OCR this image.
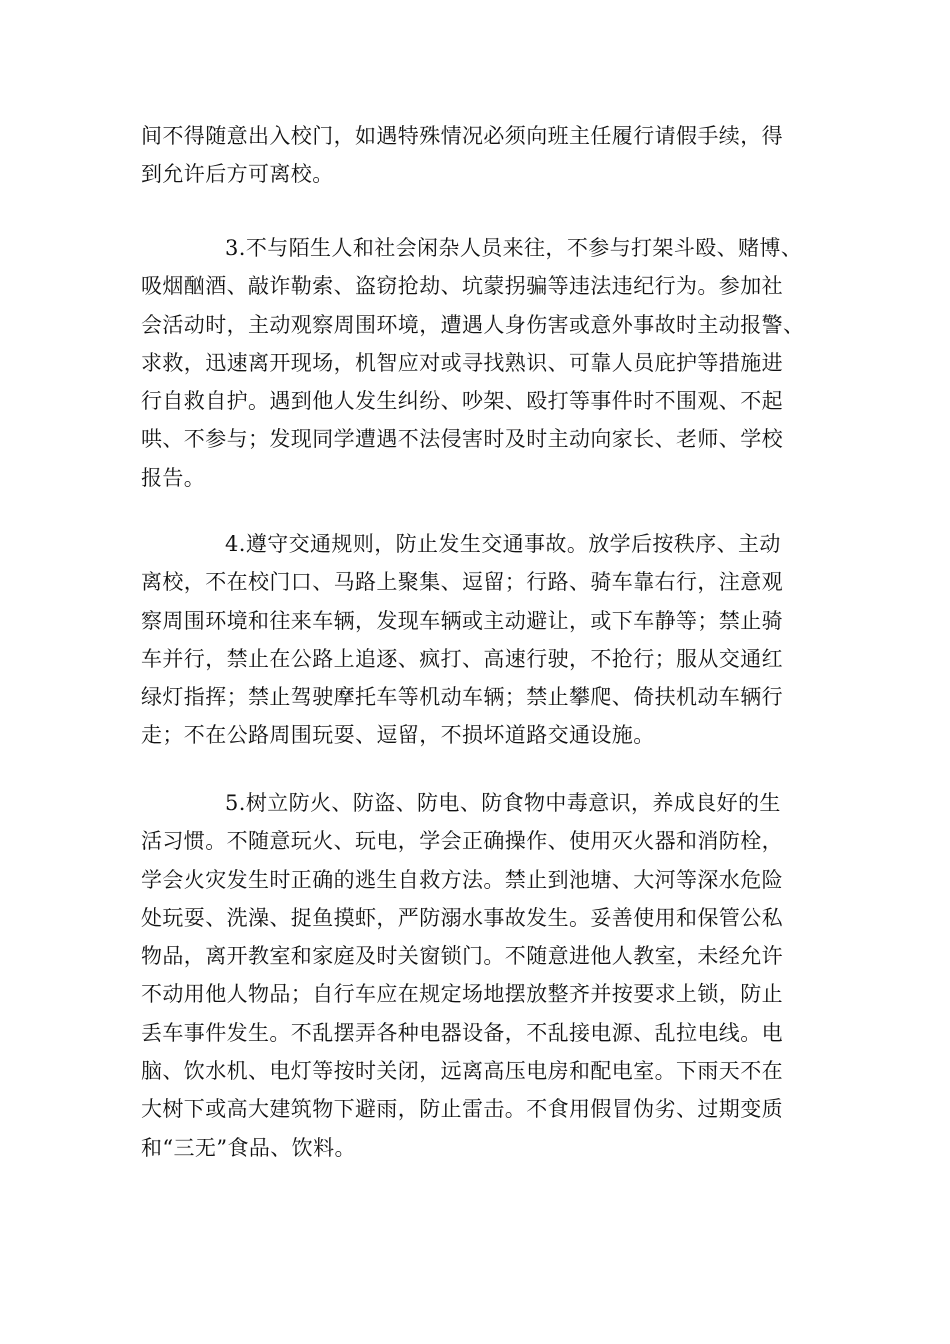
间不得随意出入校门，如遇特殊情况必须向班主任履行请假手续，得
到允许后方可离校。
3.不与陌生人和社会闲杂人员来往，不参与打架斗殴、赌博、
吸烟酗酒、敲诈勒索、盗窃抢劫、坑蒙拐骗等违法违纪行为。参加社
会活动时，主动观察周围环境，遭遇人身伤害或意外事故时主动报警、
求救，迅速离开现场，机智应对或寻找熟识、可靠人员庇护等措施进
行自救自护。遇到他人发生纠纷、吵架、殴打等事件时不围观、不起
哄、不参与；发现同学遭遇不法侵害时及时主动向家长、老师、学校
报告。
4.遵守交通规则，防止发生交通事故。放学后按秩序、主动
离校，不在校门口、马路上聚集、逗留；行路、骑车靠右行，注意观
察周围环境和往来车辆，发现车辆或主动避让，或下车静等；禁止骑
车并行，禁止在公路上追逐、疯打、高速行驶，不抢行；服从交通红
绿灯指挥；禁止驾驶摩托车等机动车辆；禁止攀爬、倚扶机动车辆行
走；不在公路周围玩耍、逗留，不损坏道路交通设施。
5.树立防火、防盗、防电、防食物中毒意识，养成良好的生
活习惯。不随意玩火、玩电，学会正确操作、使用灭火器和消防栓，
学会火灾发生时正确的逃生自救方法。禁止到池塘、大河等深水危险
处玩耍、洗澡、捉鱼摸虾，严防溺水事故发生。妥善使用和保管公私
物品，离开教室和家庭及时关窗锁门。不随意进他人教室，未经允许
不动用他人物品；自行车应在规定场地摆放整齐并按要求上锁，防止
丢车事件发生。不乱摆弄各种电器设备，不乱接电源、乱拉电线。电
脑、饮水机、电灯等按时关闭，远离高压电房和配电室。下雨天不在
大树下或高大建筑物下避雨，防止雷击。不食用假冒伪劣、过期变质
和“三无”食品、饮料。
